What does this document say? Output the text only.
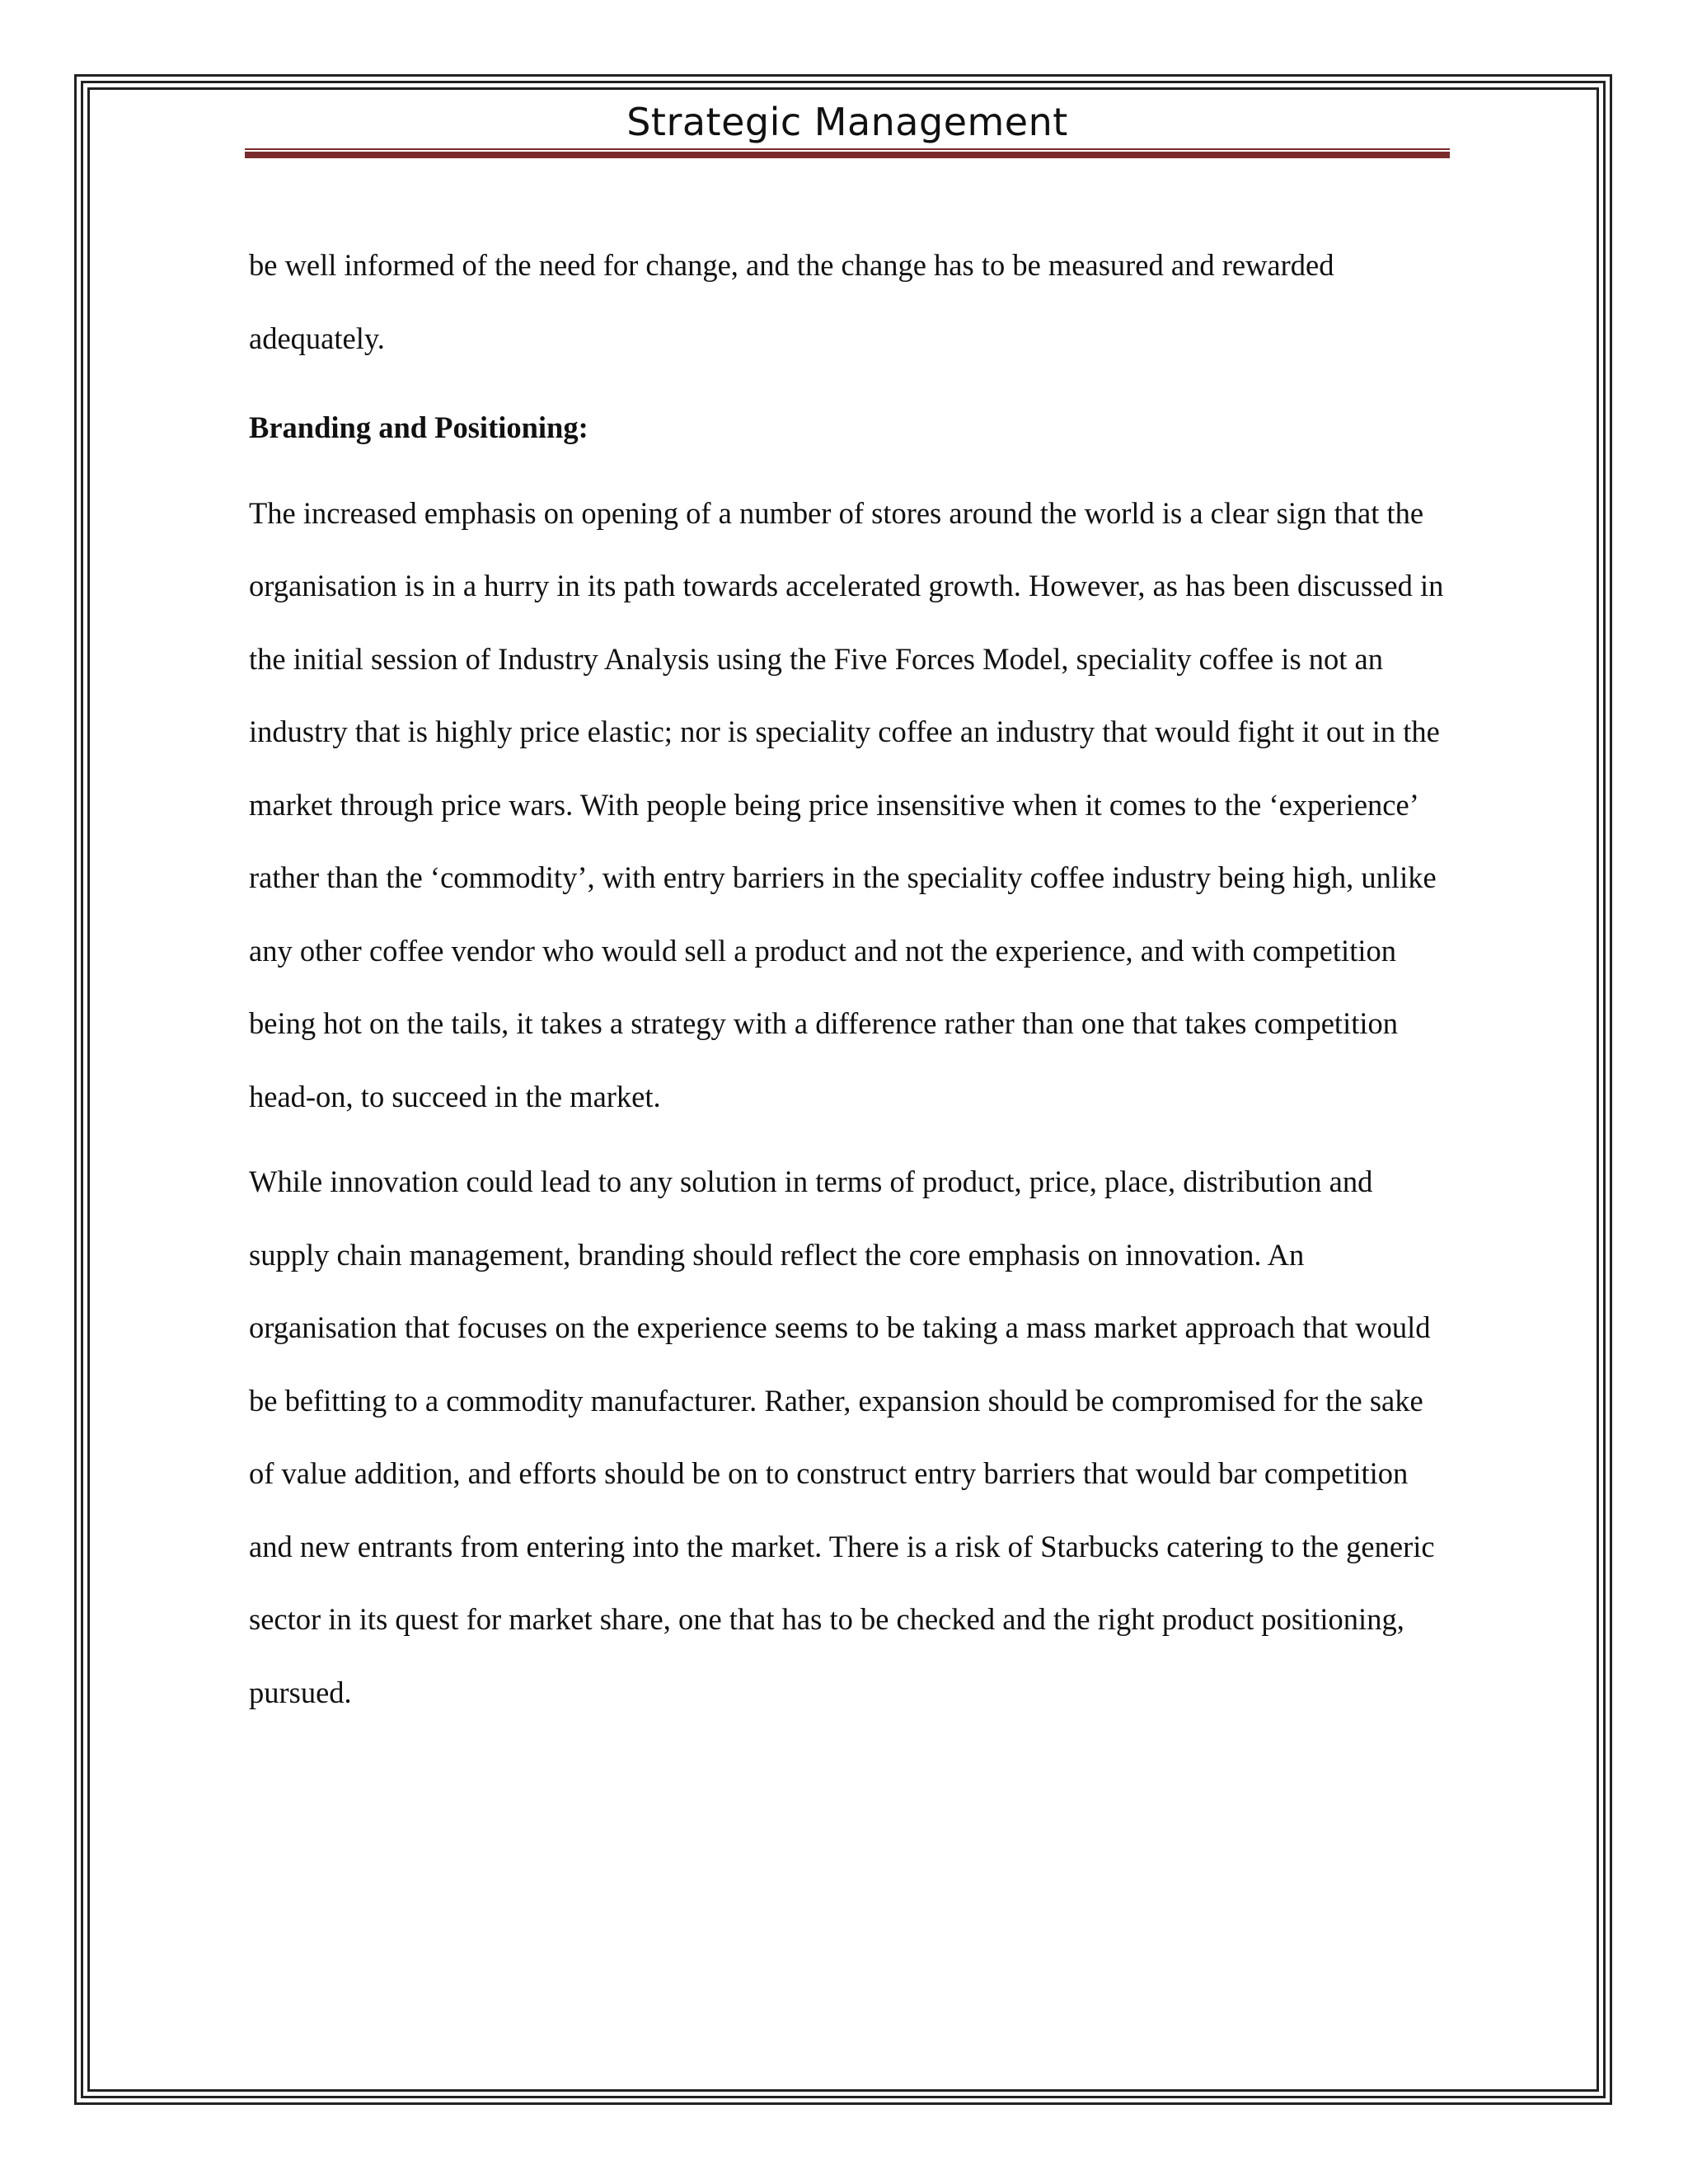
Strategic Management

be well informed of the need for change, and the change has to be measured and rewarded adequately.

Branding and Positioning:

The increased emphasis on opening of a number of stores around the world is a clear sign that the organisation is in a hurry in its path towards accelerated growth. However, as has been discussed in the initial session of Industry Analysis using the Five Forces Model, speciality coffee is not an industry that is highly price elastic; nor is speciality coffee an industry that would fight it out in the market through price wars. With people being price insensitive when it comes to the ‘experience’ rather than the ‘commodity’, with entry barriers in the speciality coffee industry being high, unlike any other coffee vendor who would sell a product and not the experience, and with competition being hot on the tails, it takes a strategy with a difference rather than one that takes competition head-on, to succeed in the market.

While innovation could lead to any solution in terms of product, price, place, distribution and supply chain management, branding should reflect the core emphasis on innovation. An organisation that focuses on the experience seems to be taking a mass market approach that would be befitting to a commodity manufacturer. Rather, expansion should be compromised for the sake of value addition, and efforts should be on to construct entry barriers that would bar competition and new entrants from entering into the market. There is a risk of Starbucks catering to the generic sector in its quest for market share, one that has to be checked and the right product positioning, pursued.
